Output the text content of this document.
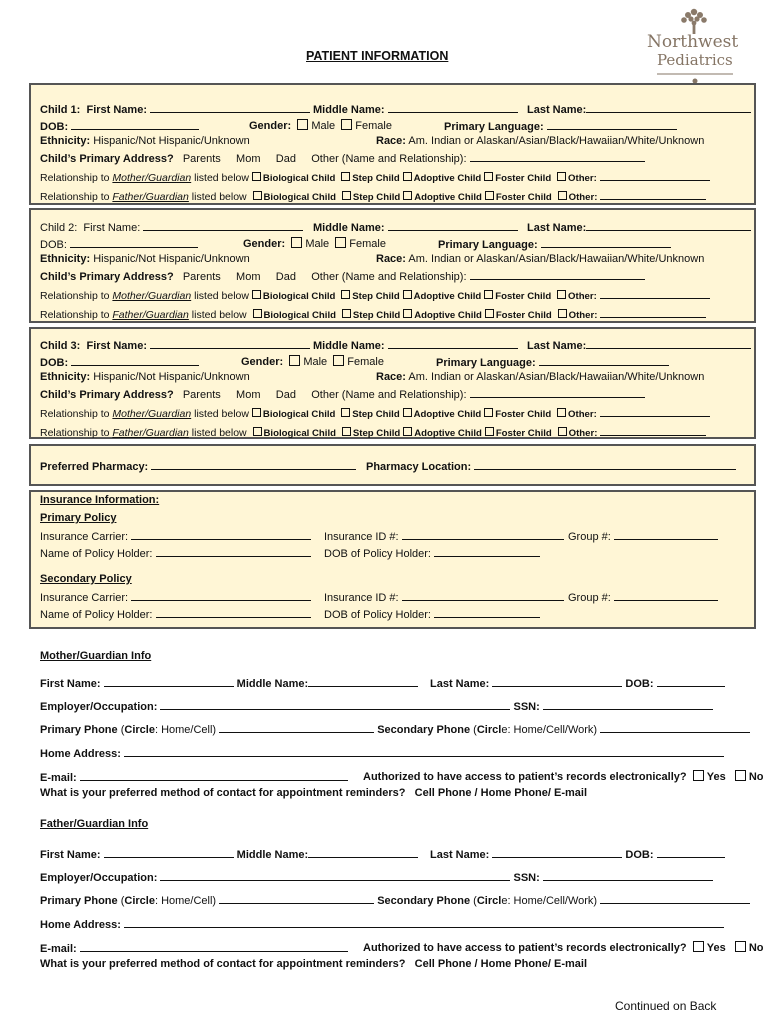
Northwest
Pediatrics
PATIENT INFORMATION
Child 1: First Name:	Middle Name:	Last Name:
DOB:	Gender: Male Female	Primary Language:
Ethnicity: Hispanic/Not Hispanic/Unknown	Race: Am. Indian or Alaskan/Asian/Black/Hawaiian/White/Unknown
Child’s Primary Address? Parents     Mom     Dad     Other (Name and Relationship):
Relationship to Mother/Guardian listed below Biological Child Step Child Adoptive Child Foster Child Other:
Relationship to Father/Guardian listed below Biological Child Step Child Adoptive Child Foster Child Other:
Child 2: First Name:	Middle Name:	Last Name:
DOB:	Gender: Male Female	Primary Language:
Ethnicity: Hispanic/Not Hispanic/Unknown	Race: Am. Indian or Alaskan/Asian/Black/Hawaiian/White/Unknown
Child’s Primary Address? Parents     Mom     Dad     Other (Name and Relationship):
Relationship to Mother/Guardian listed below Biological Child Step Child Adoptive Child Foster Child Other:
Relationship to Father/Guardian listed below Biological Child Step Child Adoptive Child Foster Child Other:
Child 3: First Name:	Middle Name:	Last Name:
DOB:	Gender: Male Female	Primary Language:
Ethnicity: Hispanic/Not Hispanic/Unknown	Race: Am. Indian or Alaskan/Asian/Black/Hawaiian/White/Unknown
Child’s Primary Address? Parents     Mom     Dad     Other (Name and Relationship):
Relationship to Mother/Guardian listed below Biological Child Step Child Adoptive Child Foster Child Other:
Relationship to Father/Guardian listed below Biological Child Step Child Adoptive Child Foster Child Other:
Preferred Pharmacy:	Pharmacy Location:
Insurance Information:
Primary Policy
Insurance Carrier:	Insurance ID #:	Group #:
Name of Policy Holder:	DOB of Policy Holder:
Secondary Policy
Insurance Carrier:	Insurance ID #:	Group #:
Name of Policy Holder:	DOB of Policy Holder:
Mother/Guardian Info
First Name:	Middle Name:	Last Name:	DOB:
Employer/Occupation:	SSN:
Primary Phone (Circle: Home/Cell)	Secondary Phone (Circle: Home/Cell/Work)
Home Address:
E-mail:	Authorized to have access to patient’s records electronically? Yes No
What is your preferred method of contact for appointment reminders?   Cell Phone / Home Phone/ E-mail
Father/Guardian Info
First Name:	Middle Name:	Last Name:	DOB:
Employer/Occupation:	SSN:
Primary Phone (Circle: Home/Cell)	Secondary Phone (Circle: Home/Cell/Work)
Home Address:
E-mail:	Authorized to have access to patient’s records electronically? Yes No
What is your preferred method of contact for appointment reminders?   Cell Phone / Home Phone/ E-mail
Continued on Back
